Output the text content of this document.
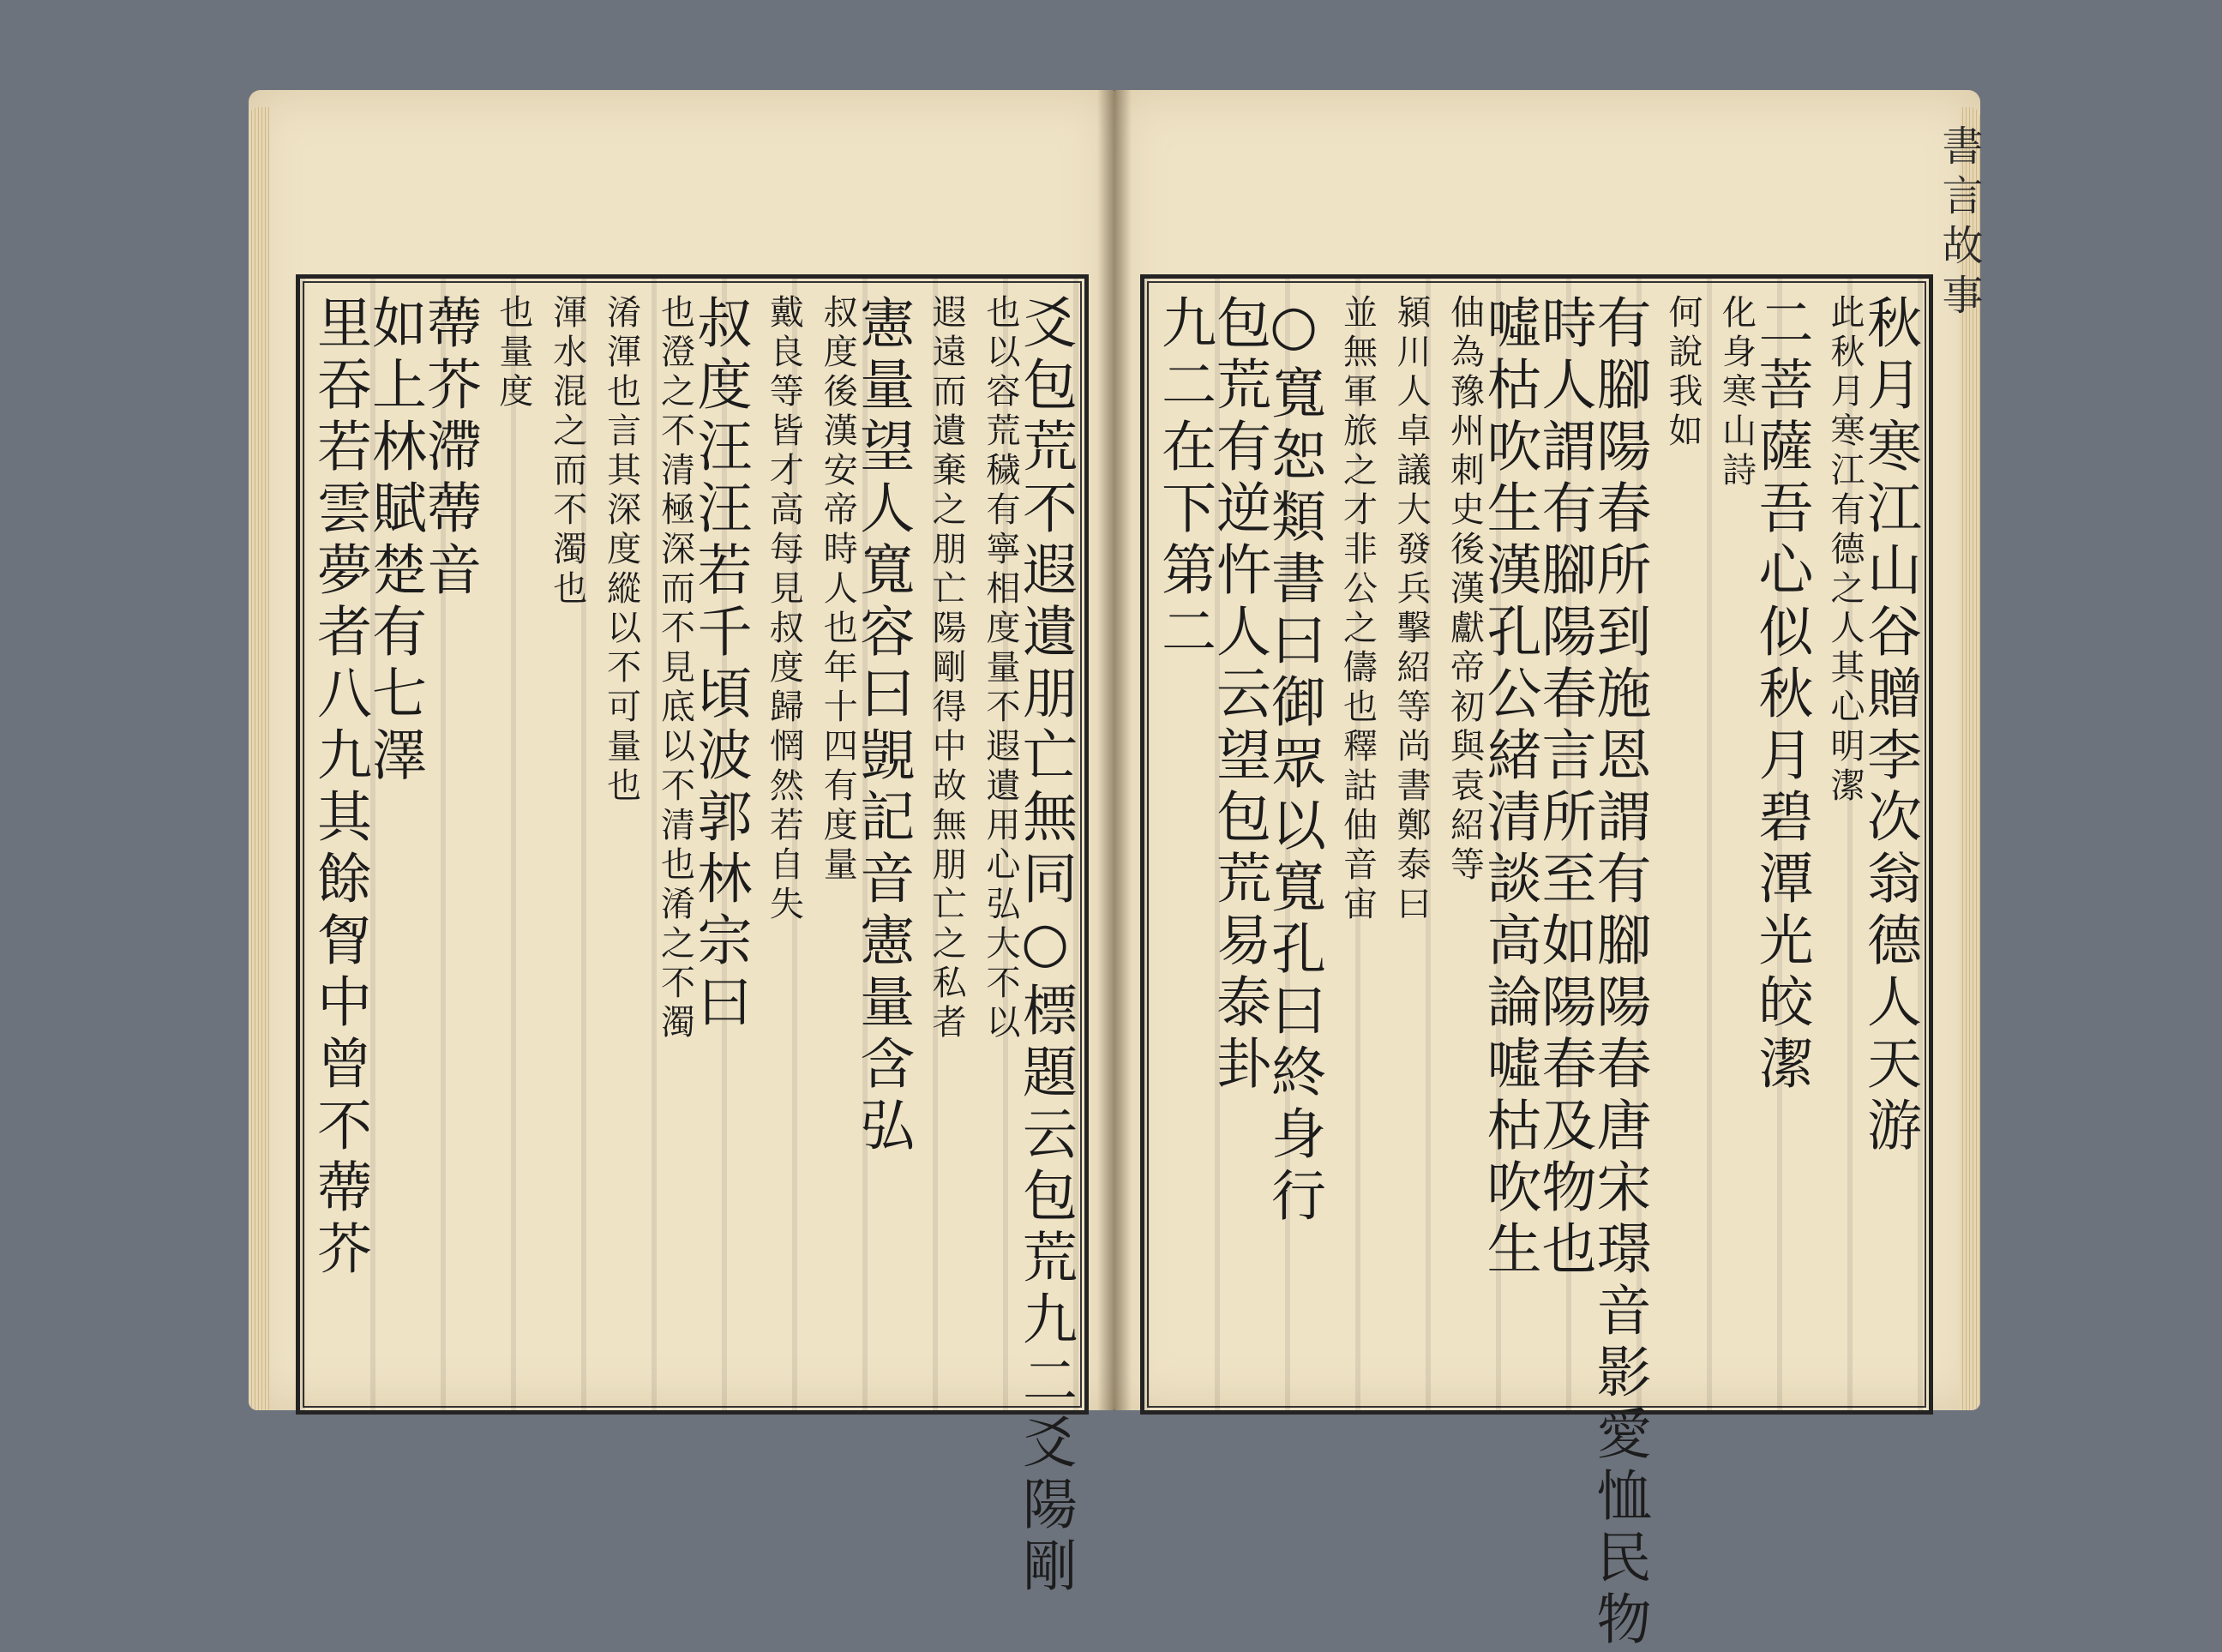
爻包荒不遐遺朋亡無同○標題云包荒九二爻陽剛
也以容荒穢有寧相度量不遐遺用心弘大不以
遐遠而遺棄之朋亡陽剛得中故無朋亡之私者
憲量望人寬容曰覬記音憲量含弘
叔度後漢安帝時人也年十四有度量
戴良等皆才高每見叔度歸惘然若自失
叔度汪汪若千頃波郭林宗曰
也澄之不清極深而不見底以不清也淆之不濁
淆渾也言其深度縱以不可量也
渾水混之而不濁也
也量度
蔕芥滯蔕音
如上林賦楚有七澤
里吞若雲夢者八九其餘胷中曾不蔕芥
書言故事
秋月寒江山谷贈李次翁德人天游
此秋月寒江有德之人其心明潔
二菩薩吾心似秋月碧潭光皎潔
化身寒山詩
何說我如
有腳陽春所到施恩謂有腳陽春唐宋璟音影愛恤民物
時人謂有腳陽春言所至如陽春及物也
噓枯吹生漢孔公緒清談高論噓枯吹生
伷為豫州刺史後漢獻帝初與袁紹等
潁川人卓議大發兵擊紹等尚書鄭泰曰
並無軍旅之才非公之儔也釋詁伷音宙
○寬恕類書曰御眾以寬孔曰終身行
包荒有逆忤人云望包荒易泰卦
九二在下第二
